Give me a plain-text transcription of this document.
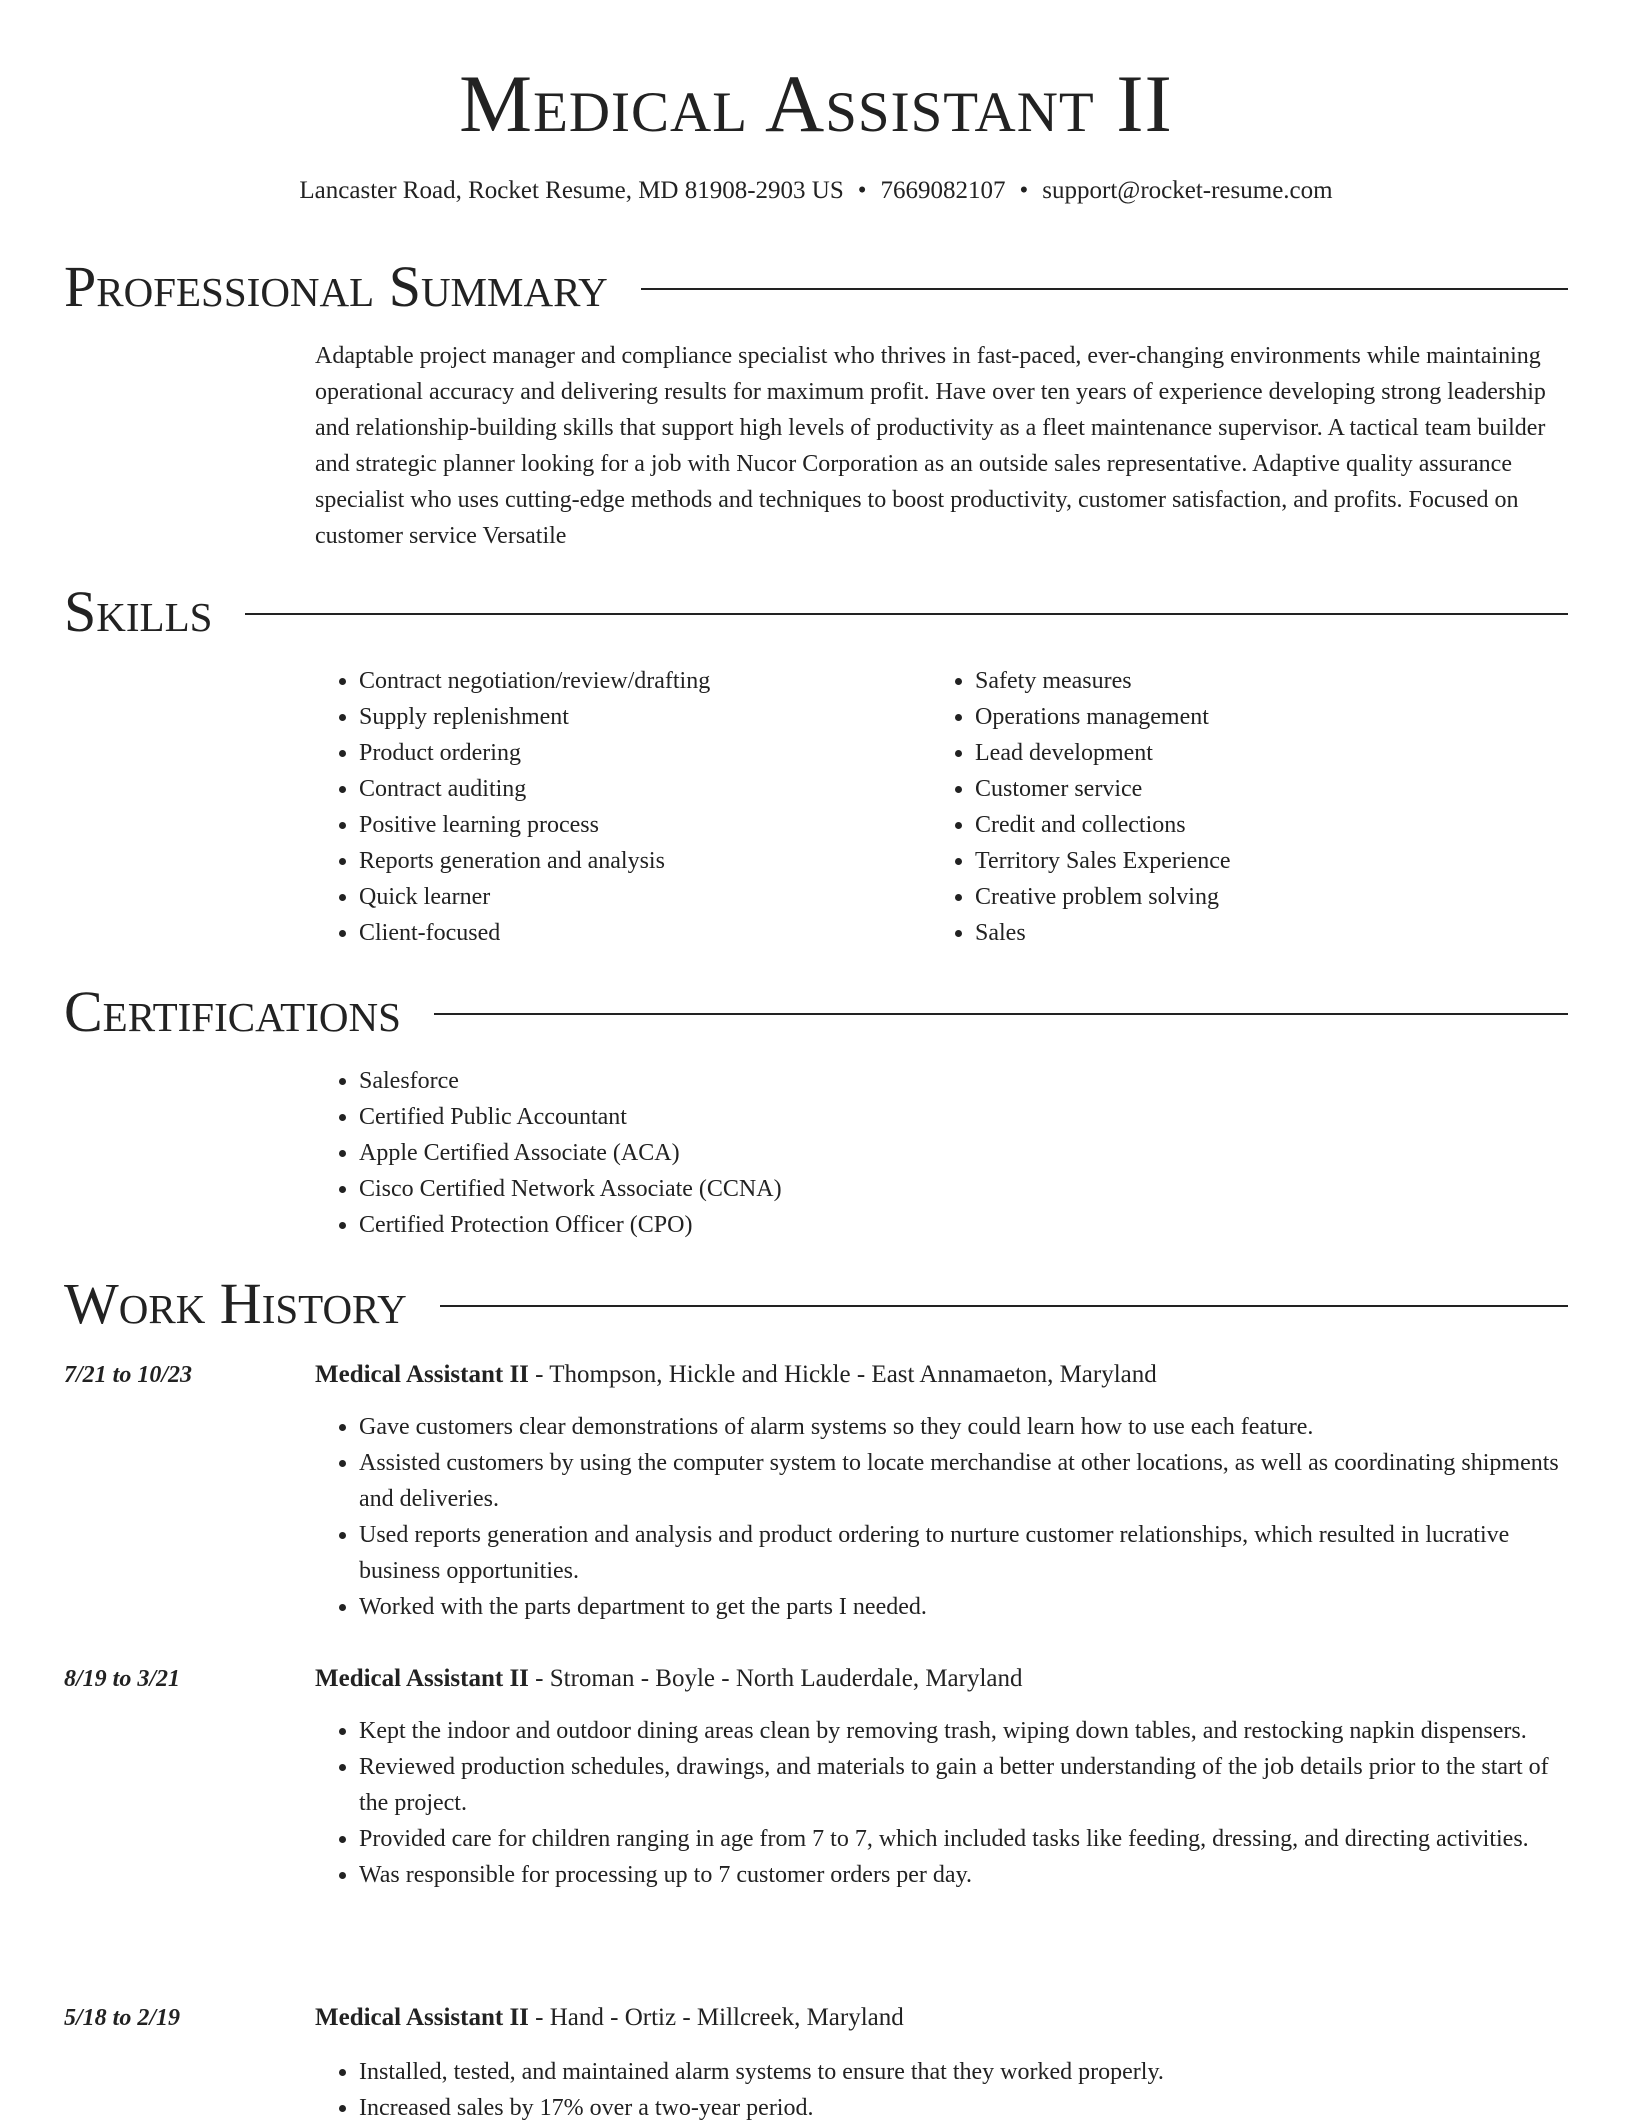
Medical Assistant II
Lancaster Road, Rocket Resume, MD 81908-2903 US • 7669082107 • support@rocket-resume.com
Professional Summary

Adaptable project manager and compliance specialist who thrives in fast-paced, ever-changing environments while maintaining operational accuracy and delivering results for maximum profit. Have over ten years of experience developing strong leadership and relationship-building skills that support high levels of productivity as a fleet maintenance supervisor. A tactical team builder and strategic planner looking for a job with Nucor Corporation as an outside sales representative. Adaptive quality assurance specialist who uses cutting-edge methods and techniques to boost productivity, customer satisfaction, and profits. Focused on customer service Versatile

Skills
• Contract negotiation/review/drafting
• Supply replenishment
• Product ordering
• Contract auditing
• Positive learning process
• Reports generation and analysis
• Quick learner
• Client-focused
• Safety measures
• Operations management
• Lead development
• Customer service
• Credit and collections
• Territory Sales Experience
• Creative problem solving
• Sales
Certifications
• Salesforce
• Certified Public Accountant
• Apple Certified Associate (ACA)
• Cisco Certified Network Associate (CCNA)
• Certified Protection Officer (CPO)
Work History
7/21 to 10/23	Medical Assistant II - Thompson, Hickle and Hickle - East Annamaeton, Maryland
• Gave customers clear demonstrations of alarm systems so they could learn how to use each feature.
• Assisted customers by using the computer system to locate merchandise at other locations, as well as coordinating shipments and deliveries.
• Used reports generation and analysis and product ordering to nurture customer relationships, which resulted in lucrative business opportunities.
• Worked with the parts department to get the parts I needed.
8/19 to 3/21	Medical Assistant II - Stroman - Boyle - North Lauderdale, Maryland
• Kept the indoor and outdoor dining areas clean by removing trash, wiping down tables, and restocking napkin dispensers.
• Reviewed production schedules, drawings, and materials to gain a better understanding of the job details prior to the start of the project.
• Provided care for children ranging in age from 7 to 7, which included tasks like feeding, dressing, and directing activities.
• Was responsible for processing up to 7 customer orders per day.
5/18 to 2/19	Medical Assistant II - Hand - Ortiz - Millcreek, Maryland
• Installed, tested, and maintained alarm systems to ensure that they worked properly.
• Increased sales by 17% over a two-year period.
